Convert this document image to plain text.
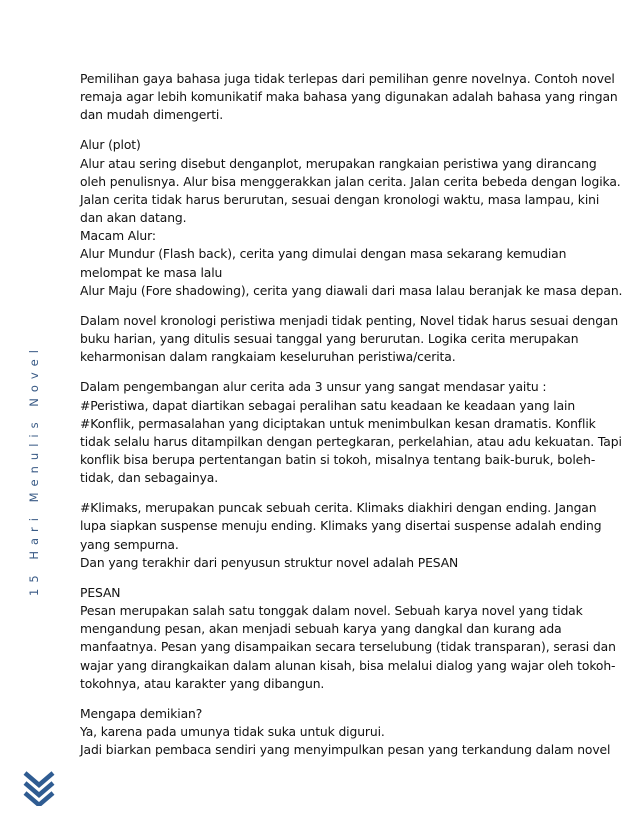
15 Hari Menulis Novel
Pemilihan gaya bahasa juga tidak terlepas dari pemilihan genre novelnya. Contoh novel
remaja agar lebih komunikatif maka bahasa yang digunakan adalah bahasa yang ringan
dan mudah dimengerti.
Alur (plot)
Alur atau sering disebut denganplot, merupakan rangkaian peristiwa yang dirancang
oleh penulisnya. Alur bisa menggerakkan jalan cerita. Jalan cerita bebeda dengan logika.
Jalan cerita tidak harus berurutan, sesuai dengan kronologi waktu, masa lampau, kini
dan akan datang.
Macam Alur:
Alur Mundur (Flash back), cerita yang dimulai dengan masa sekarang kemudian
melompat ke masa lalu
Alur Maju (Fore shadowing), cerita yang diawali dari masa lalau beranjak ke masa depan.
Dalam novel kronologi peristiwa menjadi tidak penting, Novel tidak harus sesuai dengan
buku harian, yang ditulis sesuai tanggal yang berurutan. Logika cerita merupakan
keharmonisan dalam rangkaiam keseluruhan peristiwa/cerita.
Dalam pengembangan alur cerita ada 3 unsur yang sangat mendasar yaitu :
#Peristiwa, dapat diartikan sebagai peralihan satu keadaan ke keadaan yang lain
#Konflik, permasalahan yang diciptakan untuk menimbulkan kesan dramatis. Konflik
tidak selalu harus ditampilkan dengan pertegkaran, perkelahian, atau adu kekuatan. Tapi
konflik bisa berupa pertentangan batin si tokoh, misalnya tentang baik-buruk, boleh-
tidak, dan sebagainya.
#Klimaks, merupakan puncak sebuah cerita. Klimaks diakhiri dengan ending. Jangan
lupa siapkan suspense menuju ending. Klimaks yang disertai suspense adalah ending
yang sempurna.
Dan yang terakhir dari penyusun struktur novel adalah PESAN
PESAN
Pesan merupakan salah satu tonggak dalam novel. Sebuah karya novel yang tidak
mengandung pesan, akan menjadi sebuah karya yang dangkal dan kurang ada
manfaatnya. Pesan yang disampaikan secara terselubung (tidak transparan), serasi dan
wajar yang dirangkaikan dalam alunan kisah, bisa melalui dialog yang wajar oleh tokoh-
tokohnya, atau karakter yang dibangun.
Mengapa demikian?
Ya, karena pada umunya tidak suka untuk digurui.
Jadi biarkan pembaca sendiri yang menyimpulkan pesan yang terkandung dalam novel
